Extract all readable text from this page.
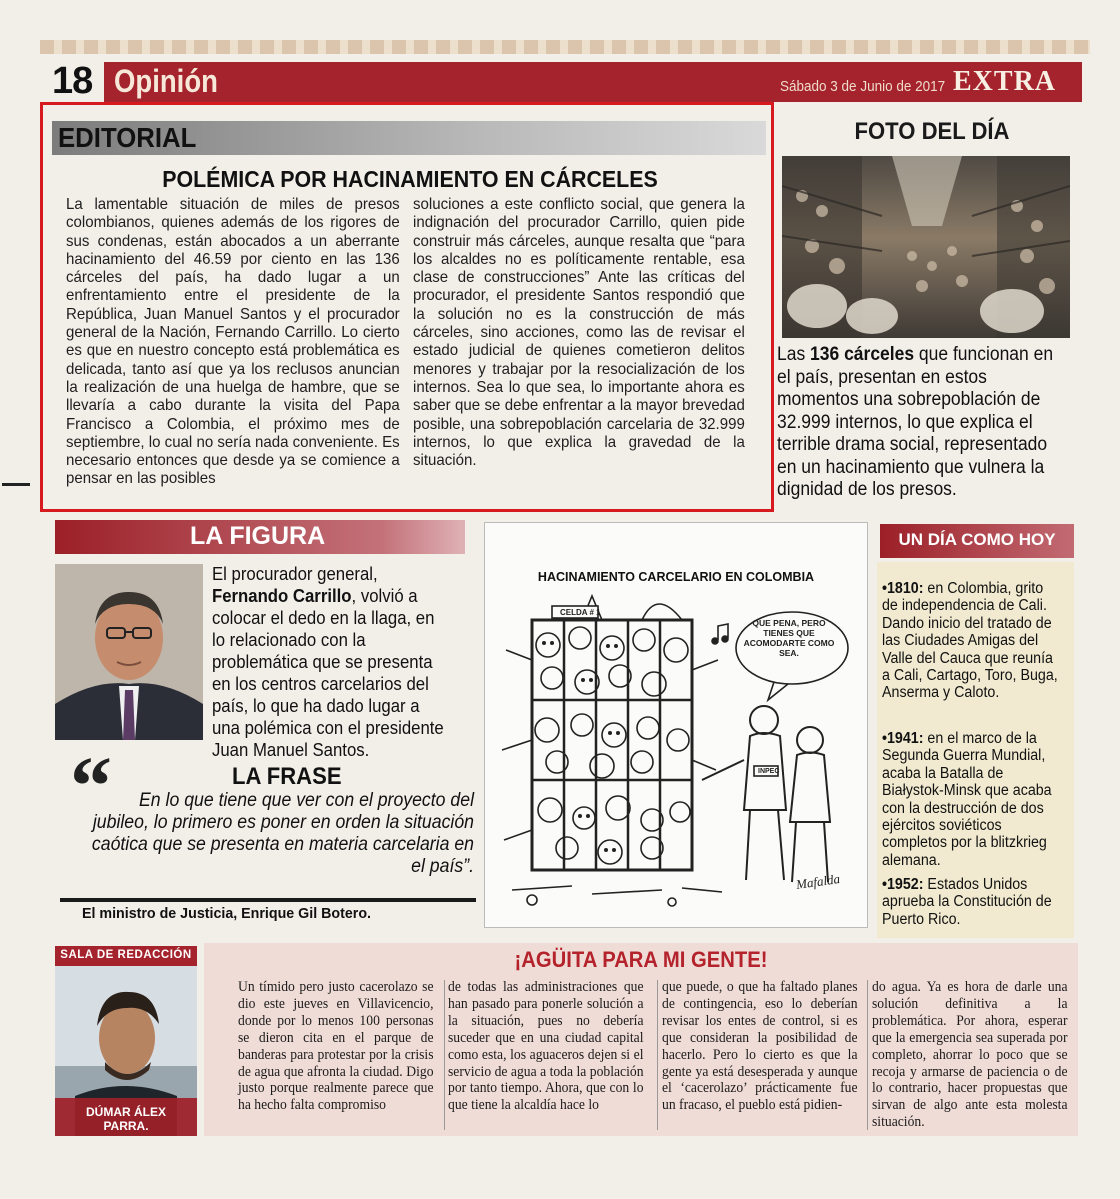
18 Opinión	Sábado 3 de Junio de 2017 EXTRA
EDITORIAL
POLÉMICA POR HACINAMIENTO EN CÁRCELES
La lamentable situación de miles de presos colombianos, quienes además de los rigores de sus condenas, están abocados a un aberrante hacinamiento del 46.59 por ciento en las 136 cárceles del país, ha dado lugar a un enfrentamiento entre el presidente de la República, Juan Manuel Santos y el procurador general de la Nación, Fernando Carrillo. Lo cierto es que en nuestro concepto está problemática es delicada, tanto así que ya los reclusos anuncian la realización de una huelga de hambre, que se llevaría a cabo durante la visita del Papa Francisco a Colombia, el próximo mes de septiembre, lo cual no sería nada conveniente. Es necesario entonces que desde ya se comience a pensar en las posibles
soluciones a este conflicto social, que genera la indignación del procurador Carrillo, quien pide construir más cárceles, aunque resalta que “para los alcaldes no es políticamente rentable, esa clase de construcciones” Ante las críticas del procurador, el presidente Santos respondió que la solución no es la construcción de más cárceles, sino acciones, como las de revisar el estado judicial de quienes cometieron delitos menores y trabajar por la resocialización de los internos. Sea lo que sea, lo importante ahora es saber que se debe enfrentar a la mayor brevedad posible, una sobrepoblación carcelaria de 32.999 internos, lo que explica la gravedad de la situación.
FOTO DEL DÍA
Las 136 cárceles que funcionan en el país, presentan en estos momentos una sobrepoblación de 32.999 internos, lo que explica el terrible drama social, representado en un hacinamiento que vulnera la dignidad de los presos.
LA FIGURA
El procurador general, Fernando Carrillo, volvió a colocar el dedo en la llaga, en lo relacionado con la problemática que se presenta en los centros carcelarios del país, lo que ha dado lugar a una polémica con el presidente Juan Manuel Santos.
“	LA FRASE
En lo que tiene que ver con el proyecto del jubileo, lo primero es poner en orden la situación caótica que se presenta en materia carcelaria en el país”.
El ministro de Justicia, Enrique Gil Botero.
HACINAMIENTO CARCELARIO EN COLOMBIA
CELDA # 1
QUE PENA, PERO TIENES QUE ACOMODARTE COMO SEA.
INPEC
Mafalda
UN DÍA COMO HOY
•1810: en Colombia, grito de independencia de Cali. Dando inicio del tratado de las Ciudades Amigas del Valle del Cauca que reunía a Cali, Cartago, Toro, Buga, Anserma y Caloto.
•1941: en el marco de la Segunda Guerra Mundial, acaba la Batalla de Białystok-Minsk que acaba con la destrucción de dos ejércitos soviéticos completos por la blitzkrieg alemana.
•1952: Estados Unidos aprueba la Constitución de Puerto Rico.
SALA DE REDACCIÓN
DÚMAR ÁLEX
PARRA.
¡AGÜITA PARA MI GENTE!
Un tímido pero justo cacerolazo se dio este jueves en Villavicencio, donde por lo menos 100 personas se dieron cita en el parque de banderas para protestar por la crisis de agua que afronta la ciudad. Digo justo porque realmente parece que ha hecho falta compromiso
de todas las administraciones que han pasado para ponerle solución a la situación, pues no debería suceder que en una ciudad capital como esta, los aguaceros dejen si el servicio de agua a toda la población por tanto tiempo. Ahora, que con lo que tiene la alcaldía hace lo
que puede, o que ha faltado planes de contingencia, eso lo deberían revisar los entes de control, si es que consideran la posibilidad de hacerlo. Pero lo cierto es que la gente ya está desesperada y aunque el ‘cacerolazo’ prácticamente fue un fracaso, el pueblo está pidien-
do agua. Ya es hora de darle una solución definitiva a la problemática. Por ahora, esperar que la emergencia sea superada por completo, ahorrar lo poco que se recoja y armarse de paciencia o de lo contrario, hacer propuestas que sirvan de algo ante esta molesta situación.
